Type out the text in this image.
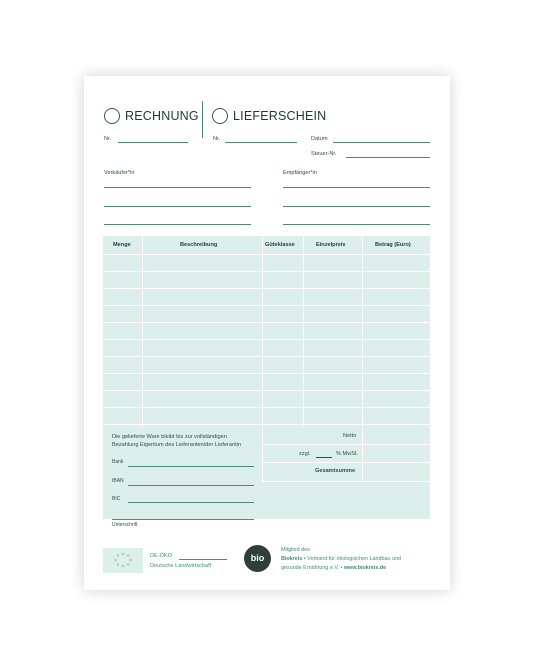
RECHNUNG	LIEFERSCHEIN
Nr.	Nr.	Datum
Steuer-Nr.
Verkäufer*in	Empfänger*in
Menge	Beschreibung	Güteklasse	Einzelpreis	Betrag (Euro)
Die gelieferte Ware bleibt bis zur vollständigen
Bezahlung Eigentum des Lieferanten/der Lieferantin
Netto
zzgl.	% MwSt.
Gesamtsumme
Bank
IBAN
BIC
Unterschrift
DE-ÖKO
Deutsche Landwirtschaft
bio
Mitglied des
Biokreis • Verband für ökologischen Landbau und
gesunde Ernährung e.V. • www.biokreis.de
